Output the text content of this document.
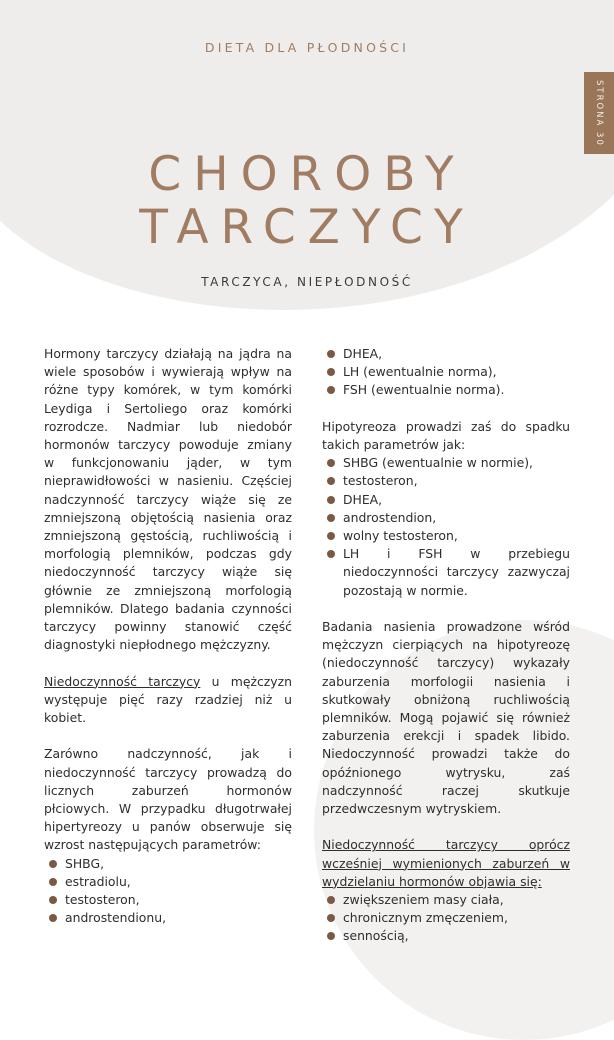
DIETA DLA PŁODNOŚCI
STRONA 30
CHOROBY
TARCZYCY
TARCZYCA, NIEPŁODNOŚĆ

Hormony tarczycy działają na jądra na wiele sposobów i wywierają wpływ na różne typy komórek, w tym komórki Leydiga i Sertoliego oraz komórki rozrodcze. Nadmiar lub niedobór hormonów tarczycy powoduje zmiany w funkcjonowaniu jąder, w tym nieprawidłowości w nasieniu. Częściej nadczynność tarczycy wiąże się ze zmniejszoną objętością nasienia oraz zmniejszoną gęstością, ruchliwością i morfologią plemników, podczas gdy niedoczynność tarczycy wiąże się głównie ze zmniejszoną morfologią plemników. Dlatego badania czynności tarczycy powinny stanowić część diagnostyki niepłodnego mężczyzny.

Niedoczynność tarczycy u mężczyzn występuje pięć razy rzadziej niż u kobiet.

Zarówno nadczynność, jak i niedoczynność tarczycy prowadzą do licznych zaburzeń hormonów płciowych. W przypadku długotrwałej hipertyreozy u panów obserwuje się wzrost następujących parametrów:

SHBG,
estradiolu,
testosteron,
androstendionu,
DHEA,
LH (ewentualnie norma),
FSH (ewentualnie norma).

Hipotyreoza prowadzi zaś do spadku takich parametrów jak:

SHBG (ewentualnie w normie),
testosteron,
DHEA,
androstendion,
wolny testosteron,
LH i FSH w przebiegu niedoczynności tarczycy zazwyczaj pozostają w normie.

Badania nasienia prowadzone wśród mężczyzn cierpiących na hipotyreozę (niedoczynność tarczycy) wykazały zaburzenia morfologii nasienia i skutkowały obniżoną ruchliwością plemników. Mogą pojawić się również zaburzenia erekcji i spadek libido. Niedoczynność prowadzi także do opóźnionego wytrysku, zaś nadczynność raczej skutkuje przedwczesnym wytryskiem.

Niedoczynność tarczycy oprócz wcześniej wymienionych zaburzeń w wydzielaniu hormonów objawia się:

zwiększeniem masy ciała,
chronicznym zmęczeniem,
sennością,
